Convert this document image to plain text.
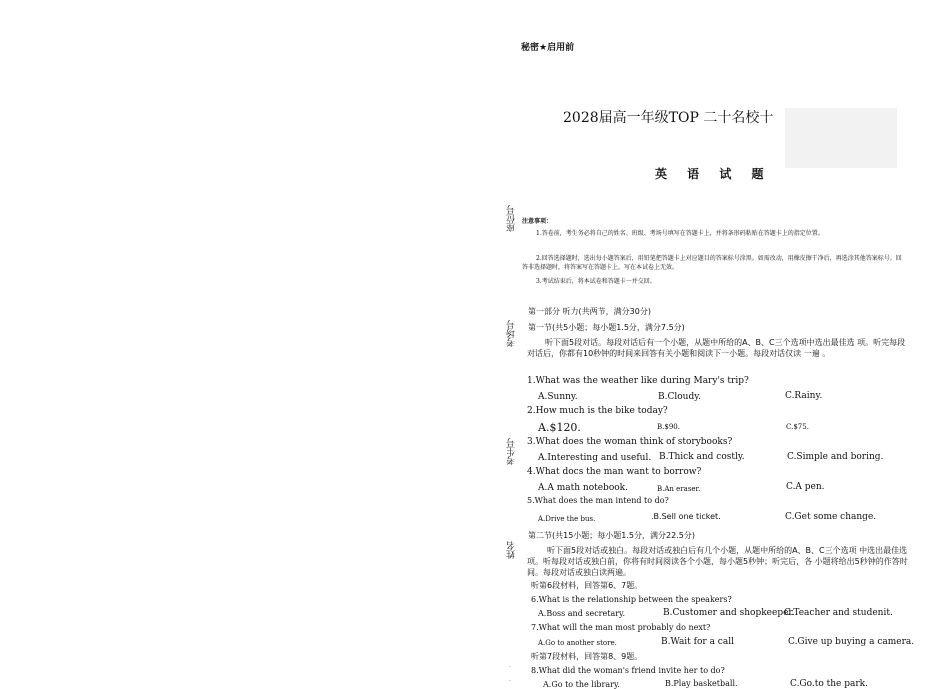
秘密★启用前
2028届高一年级TOP 二十名校十
英 语 试 题
座位号
考场号
考生号
姓名
·
·
注意事项：
1.答卷前，考生务必将自己的姓名、班级、考场号填写在答题卡上，并将条形码粘贴在答题卡上的指定位置。
2.回答选择题时，选出每小题答案后，用铅笔把答题卡上对应题目的答案标号涂黑。如需改动，用橡皮擦干净后，再选涂其他答案标号。回答非选择题时，将答案写在答题卡上，写在本试卷上无效。
3.考试结束后，将本试卷和答题卡一并交回。
第一部分 听力(共两节，满分30分)
第一节(共5小题；每小题1.5分，满分7.5分)
听下面5段对话。每段对话后有一个小题，从题中所给的A、B、C三个选项中选出最佳选 项。听完每段对话后，你都有10秒钟的时间来回答有关小题和阅读下一小题。每段对话仅读 一遍 。
1.What was the weather like during Mary's trip?
A.Sunny.	B.Cloudy.	C.Rainy.
2.How much is the bike today?
A.$120.	B.$90.	C.$75.
3.What does the woman think of storybooks?
A.Interesting and useful. B.Thick and costly.	C.Simple and boring.
4.What docs the man want to borrow?
A.A math notebook.	B.An eraser.	C.A pen.
5.What does the man intend to do?
A.Drive the bus.	.B.Sell one ticket.	C.Get some change.
第二节(共15小题；每小题1.5分，满分22.5分)
听下面5段对话或独白。每段对话或独白后有几个小题，从题中所给的A、B、C三个选项 中选出最佳选项。听每段对话或独白前，你将有时间阅读各个小题，每小题5秒钟；听完后，各 小题将给出5秒钟的作答时间。每段对话或独白读两遍。
听第6段材料，回答第6、7题。
6.What is the relationship between the speakers?
A.Boss and secretary.	B.Customer and shopkeeper.
C.Teacher and studenit.
7.What will the man most probably do next?
A.Go to another store.	B.Wait for a call	C.Give up buying a camera.
听第7段材料，回答第8、9题。
8.What did the woman's friend invite her to do?
A.Go to the library.	B.Play basketball.	C.Go.to the park.
